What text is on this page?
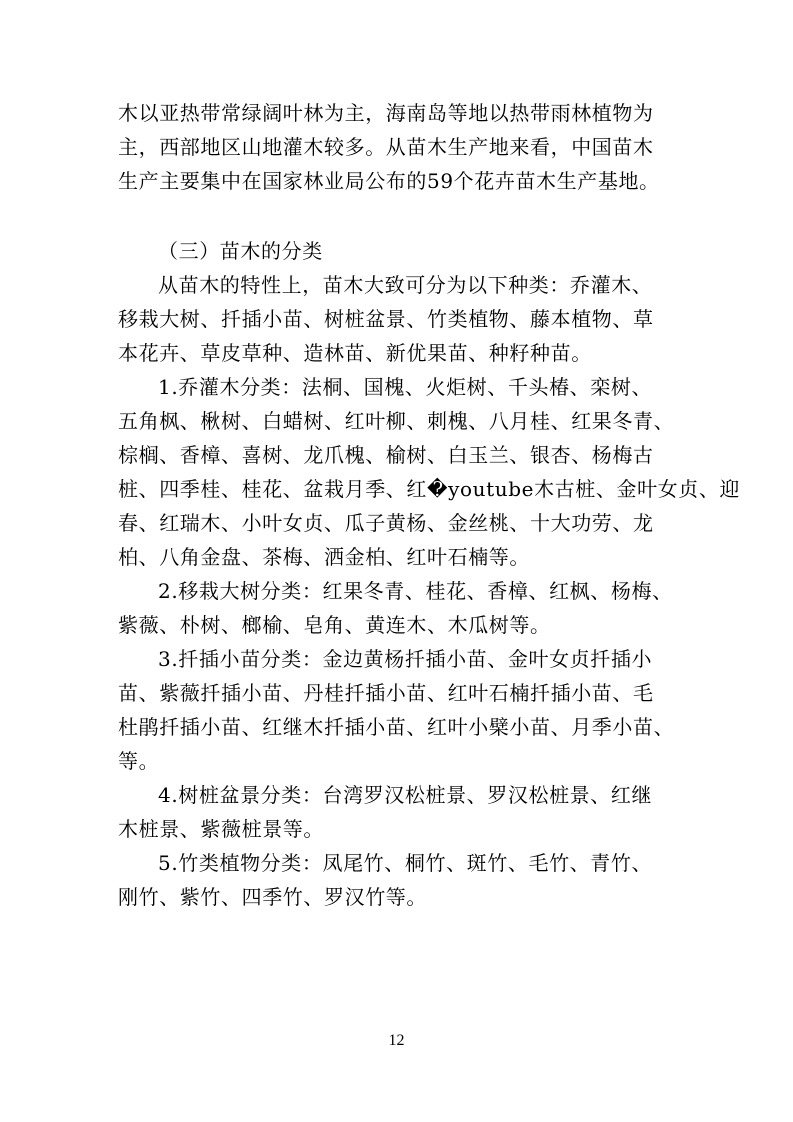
木以亚热带常绿阔叶林为主，海南岛等地以热带雨林植物为
主，西部地区山地灌木较多。从苗木生产地来看，中国苗木
生产主要集中在国家林业局公布的59个花卉苗木生产基地。

（三）苗木的分类

从苗木的特性上，苗木大致可分为以下种类：乔灌木、
移栽大树、扦插小苗、树桩盆景、竹类植物、藤本植物、草
本花卉、草皮草种、造林苗、新优果苗、种籽种苗。

1.乔灌木分类：法桐、国槐、火炬树、千头椿、栾树、
五角枫、楸树、白蜡树、红叶柳、刺槐、八月桂、红果冬青、
棕榈、香樟、喜树、龙爪槐、榆树、白玉兰、银杏、杨梅古
桩、四季桂、桂花、盆栽月季、红�youtube木古桩、金叶女贞、迎
春、红瑞木、小叶女贞、瓜子黄杨、金丝桃、十大功劳、龙
柏、八角金盘、茶梅、洒金柏、红叶石楠等。

2.移栽大树分类：红果冬青、桂花、香樟、红枫、杨梅、
紫薇、朴树、榔榆、皂角、黄连木、木瓜树等。

3.扦插小苗分类：金边黄杨扦插小苗、金叶女贞扦插小
苗、紫薇扦插小苗、丹桂扦插小苗、红叶石楠扦插小苗、毛
杜鹃扦插小苗、红继木扦插小苗、红叶小檗小苗、月季小苗、
等。

4.树桩盆景分类：台湾罗汉松桩景、罗汉松桩景、红继
木桩景、紫薇桩景等。

5.竹类植物分类：凤尾竹、桐竹、斑竹、毛竹、青竹、
刚竹、紫竹、四季竹、罗汉竹等。

12
